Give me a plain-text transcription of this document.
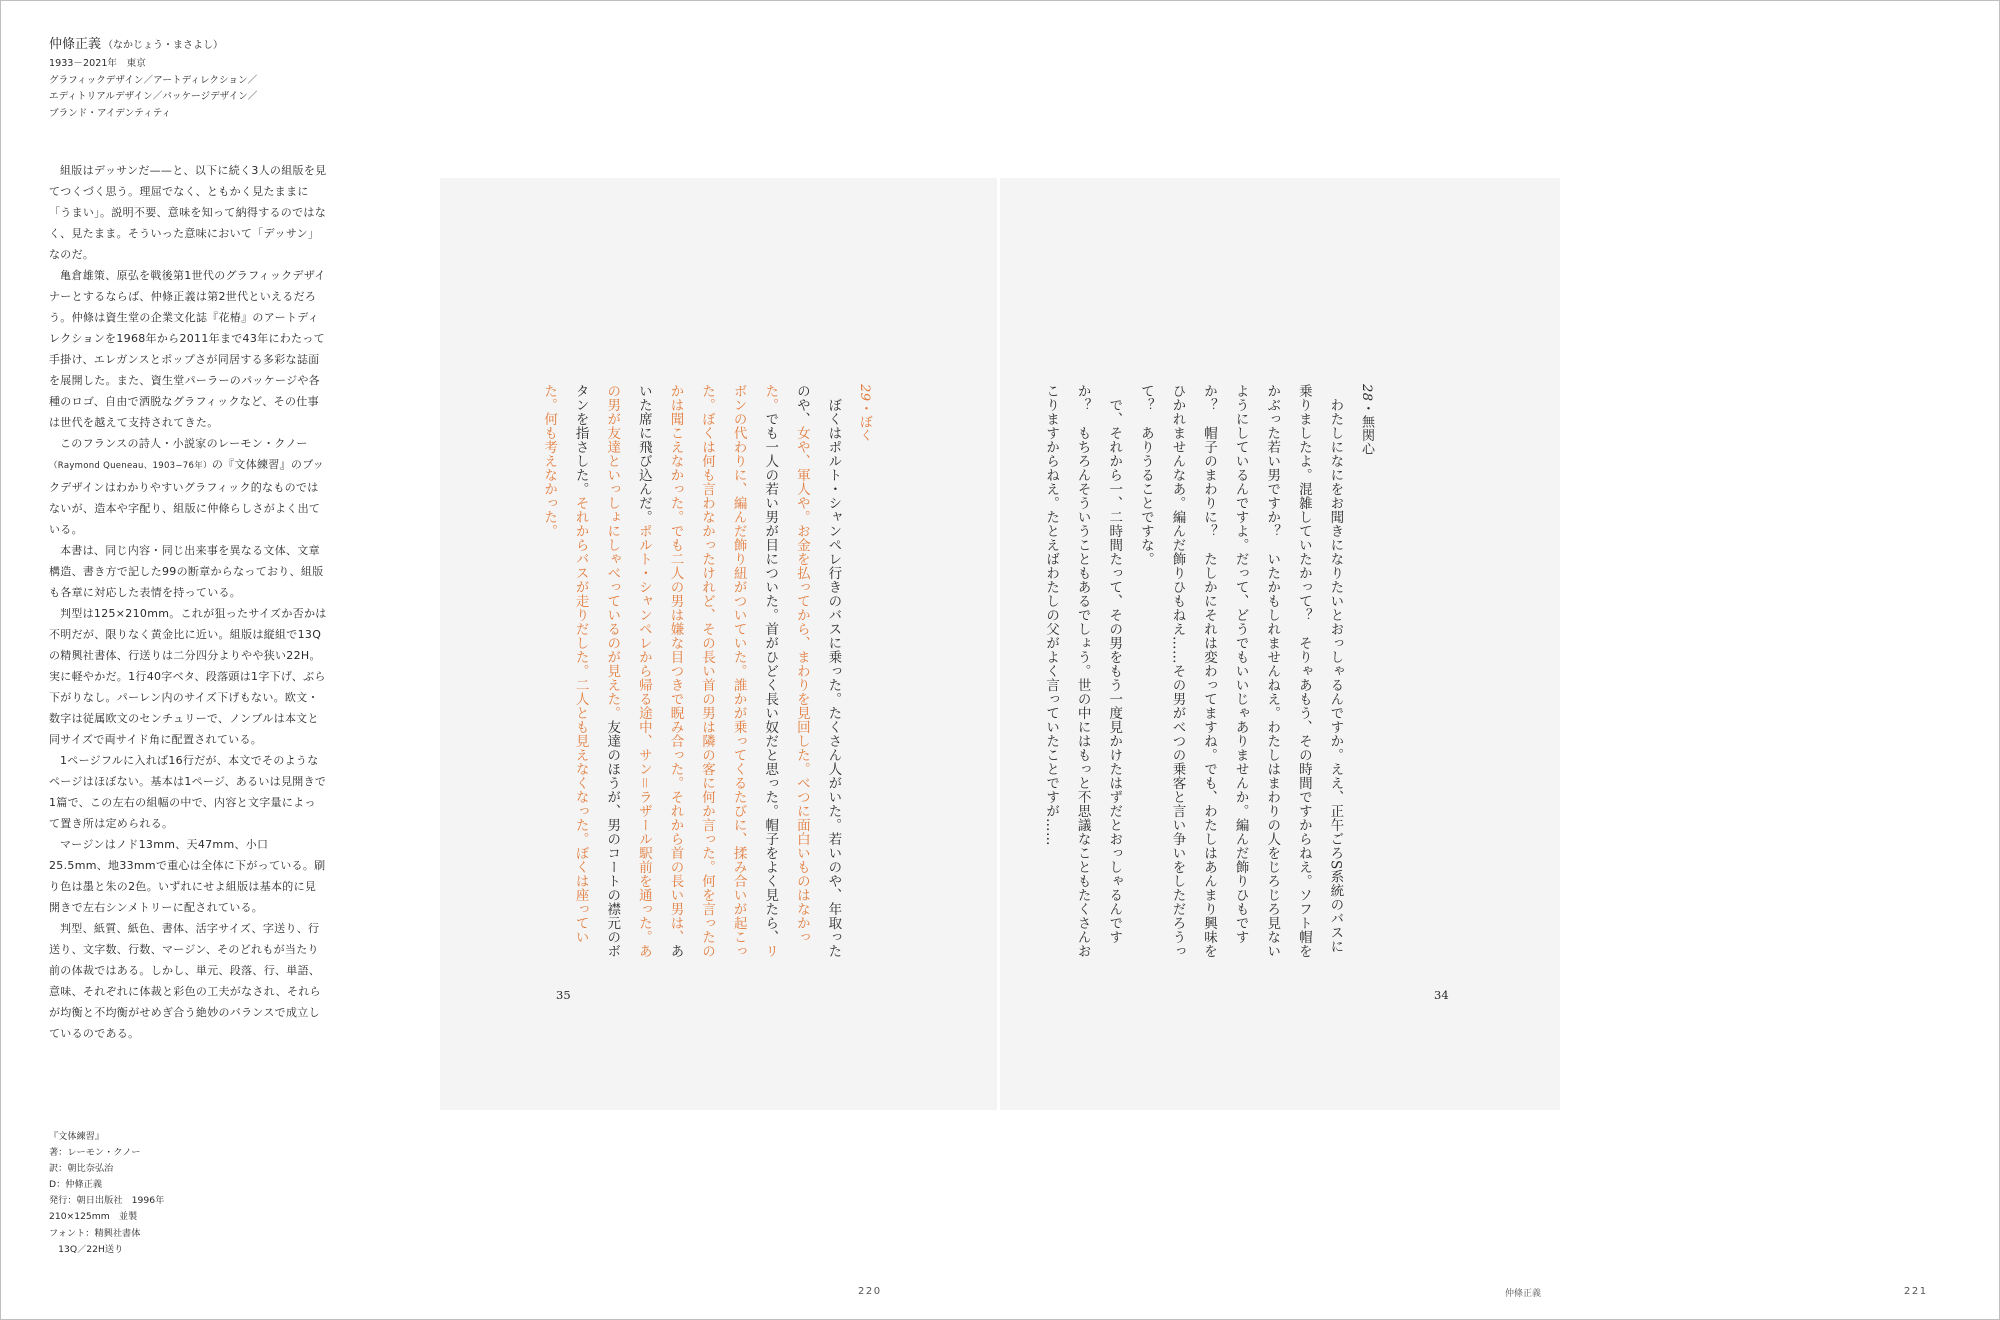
仲條正義 （なかじょう・まさよし）

1933－2021年　東京

グラフィックデザイン／アートディレクション／

エディトリアルデザイン／パッケージデザイン／

ブランド・アイデンティティ

組版はデッサンだ——と、以下に続く3人の組版を見てつくづく思う。理屈でなく、ともかく見たままに「うまい」。説明不要、意味を知って納得するのではなく、見たまま。そういった意味において「デッサン」なのだ。

亀倉雄策、原弘を戦後第1世代のグラフィックデザイナーとするならば、仲條正義は第2世代といえるだろう。仲條は資生堂の企業文化誌『花椿』のアートディレクションを1968年から2011年まで43年にわたって手掛け、エレガンスとポップさが同居する多彩な誌面を展開した。また、資生堂パーラーのパッケージや各種のロゴ、自由で洒脱なグラフィックなど、その仕事は世代を越えて支持されてきた。

このフランスの詩人・小説家のレーモン・クノー（Raymond Queneau、1903−76年）の『文体練習』のブックデザインはわかりやすいグラフィック的なものではないが、造本や字配り、組版に仲條らしさがよく出ている。

本書は、同じ内容・同じ出来事を異なる文体、文章構造、書き方で記した99の断章からなっており、組版も各章に対応した表情を持っている。

判型は125×210mm。これが狙ったサイズか否かは不明だが、限りなく黄金比に近い。組版は縦組で13Qの精興社書体、行送りは二分四分よりやや狭い22H。実に軽やかだ。1行40字ベタ、段落頭は1字下げ、ぶら下がりなし。パーレン内のサイズ下げもない。欧文・数字は従属欧文のセンチュリーで、ノンブルは本文と同サイズで両サイド角に配置されている。

1ページフルに入れば16行だが、本文でそのようなページはほぼない。基本は1ページ、あるいは見開きで1篇で、この左右の組幅の中で、内容と文字量によって置き所は定められる。

マージンはノド13mm、天47mm、小口25.5mm、地33mmで重心は全体に下がっている。刷り色は墨と朱の2色。いずれにせよ組版は基本的に見開きで左右シンメトリーに配されている。

判型、紙質、紙色、書体、活字サイズ、字送り、行送り、文字数、行数、マージン、そのどれもが当たり前の体裁ではある。しかし、単元、段落、行、単語、意味、それぞれに体裁と彩色の工夫がなされ、それらが均衡と不均衡がせめぎ合う絶妙のバランスで成立しているのである。

『文体練習』
著：レーモン・クノー
訳：朝比奈弘治
D：仲條正義
発行：朝日出版社　1996年
210×125mm　並製
フォント：精興社書体
　13Q／22H送り

29・ぼく

ぼくはポルト・シャンペレ行きのバスに乗った。たくさん人がいた。若いのや、年取ったのや、女や、軍人や。お金を払ってから、まわりを見回した。べつに面白いものはなかった。でも一人の若い男が目についた。首がひどく長い奴だと思った。帽子をよく見たら、リボンの代わりに、編んだ飾り紐がついていた。誰かが乗ってくるたびに、揉み合いが起こった。ぼくは何も言わなかったけれど、その長い首の男は隣の客に何か言った。何を言ったのかは聞こえなかった。でも二人の男は嫌な目つきで睨み合った。それから首の長い男は、あいた席に飛び込んだ。ポルト・シャンペレから帰る途中、サン＝ラザール駅前を通った。あの男が友達といっしょにしゃべっているのが見えた。友達のほうが、男のコートの襟元のボタンを指さした。それからバスが走りだした。二人とも見えなくなった。ぼくは座っていた。何も考えなかった。	28・無関心

わたしになにをお聞きになりたいとおっしゃるんですか。ええ、正午ごろS系統のバスに乗りましたよ。混雑していたかって？　そりゃあもう、その時間ですからねえ。ソフト帽をかぶった若い男ですか？　いたかもしれませんねえ。わたしはまわりの人をじろじろ見ないようにしているんですよ。だって、どうでもいいじゃありませんか。編んだ飾りひもですか？　帽子のまわりに？　たしかにそれは変わってますね。でも、わたしはあんまり興味をひかれませんなあ。編んだ飾りひもねえ……その男がべつの乗客と言い争いをしただろうって？　ありうることですな。

で、それから一、二時間たって、その男をもう一度見かけたはずだとおっしゃるんですか？　もちろんそういうこともあるでしょう。世の中にはもっと不思議なこともたくさんおこりますからねえ。たとえばわたしの父がよく言っていたことですが……

35	34
220	仲條正義	221
